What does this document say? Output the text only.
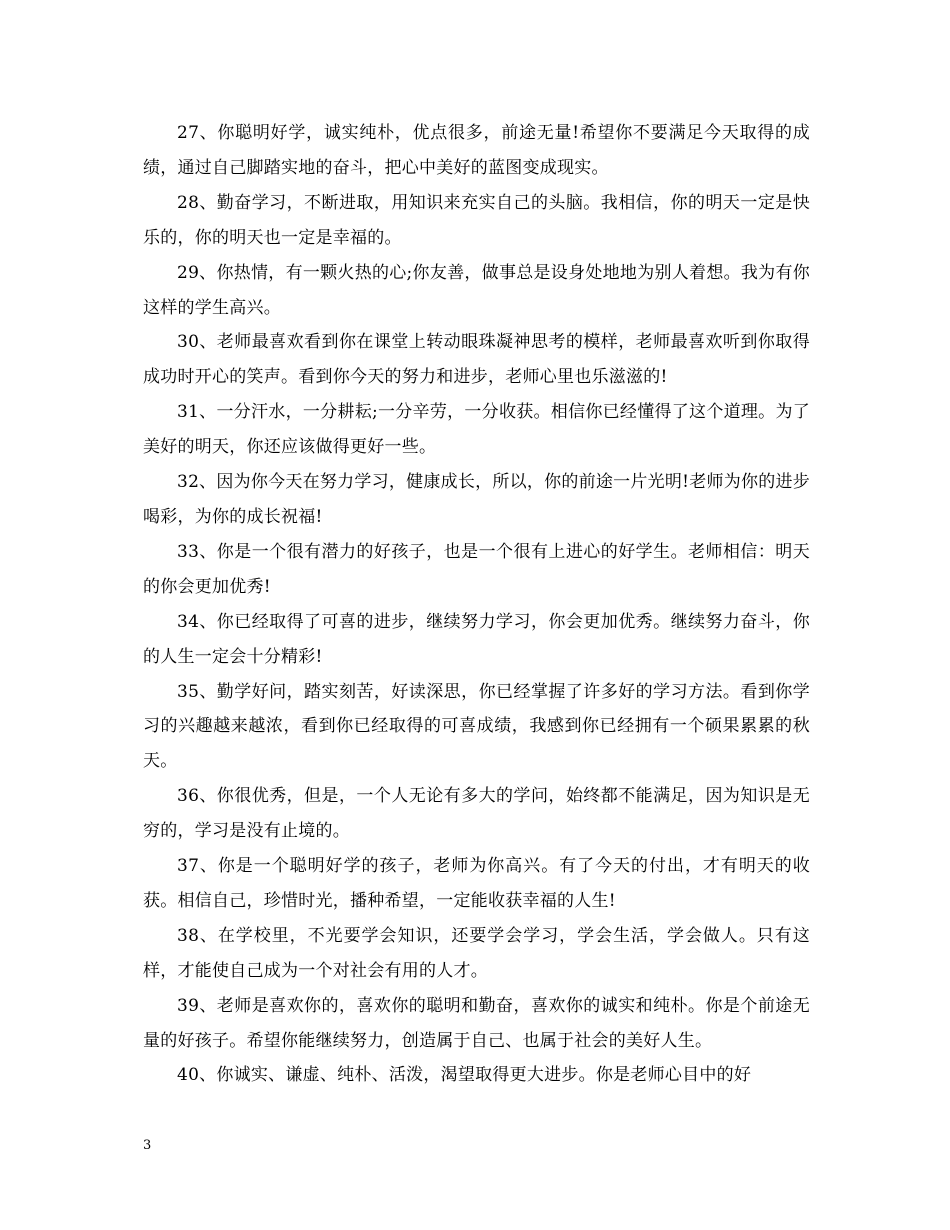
27、你聪明好学，诚实纯朴，优点很多，前途无量!希望你不要满足今天取得的成绩，通过自己脚踏实地的奋斗，把心中美好的蓝图变成现实。

28、勤奋学习，不断进取，用知识来充实自己的头脑。我相信，你的明天一定是快乐的，你的明天也一定是幸福的。

29、你热情，有一颗火热的心;你友善，做事总是设身处地地为别人着想。我为有你这样的学生高兴。

30、老师最喜欢看到你在课堂上转动眼珠凝神思考的模样，老师最喜欢听到你取得成功时开心的笑声。看到你今天的努力和进步，老师心里也乐滋滋的!

31、一分汗水，一分耕耘;一分辛劳，一分收获。相信你已经懂得了这个道理。为了美好的明天，你还应该做得更好一些。

32、因为你今天在努力学习，健康成长，所以，你的前途一片光明!老师为你的进步喝彩，为你的成长祝福!

33、你是一个很有潜力的好孩子，也是一个很有上进心的好学生。老师相信：明天的你会更加优秀!

34、你已经取得了可喜的进步，继续努力学习，你会更加优秀。继续努力奋斗，你的人生一定会十分精彩!

35、勤学好问，踏实刻苦，好读深思，你已经掌握了许多好的学习方法。看到你学习的兴趣越来越浓，看到你已经取得的可喜成绩，我感到你已经拥有一个硕果累累的秋天。

36、你很优秀，但是，一个人无论有多大的学问，始终都不能满足，因为知识是无穷的，学习是没有止境的。

37、你是一个聪明好学的孩子，老师为你高兴。有了今天的付出，才有明天的收获。相信自己，珍惜时光，播种希望，一定能收获幸福的人生!

38、在学校里，不光要学会知识，还要学会学习，学会生活，学会做人。只有这样，才能使自己成为一个对社会有用的人才。

39、老师是喜欢你的，喜欢你的聪明和勤奋，喜欢你的诚实和纯朴。你是个前途无量的好孩子。希望你能继续努力，创造属于自己、也属于社会的美好人生。

40、你诚实、谦虚、纯朴、活泼，渴望取得更大进步。你是老师心目中的好

3
